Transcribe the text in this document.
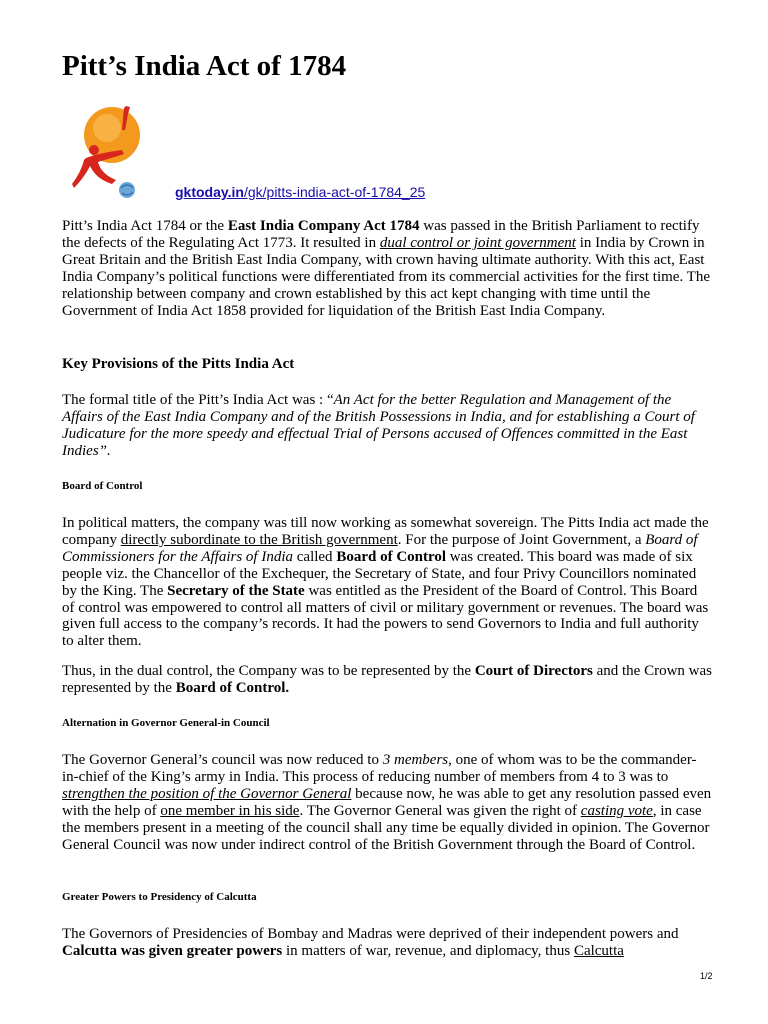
Pitt’s India Act of 1784
gktoday.in/gk/pitts-india-act-of-1784_25
Pitt’s India Act 1784 or the East India Company Act 1784 was passed in the British Parliament to rectify the defects of the Regulating Act 1773. It resulted in dual control or joint government in India by Crown in Great Britain and the British East India Company, with crown having ultimate authority. With this act, East India Company’s political functions were differentiated from its commercial activities for the first time. The relationship between company and crown established by this act kept changing with time until the Government of India Act 1858 provided for liquidation of the British East India Company.
Key Provisions of the Pitts India Act
The formal title of the Pitt’s India Act was : “An Act for the better Regulation and Management of the Affairs of the East India Company and of the British Possessions in India, and for establishing a Court of Judicature for the more speedy and effectual Trial of Persons accused of Offences committed in the East Indies”.
Board of Control
In political matters, the company was till now working as somewhat sovereign. The Pitts India act made the company directly subordinate to the British government. For the purpose of Joint Government, a Board of Commissioners for the Affairs of India called Board of Control was created. This board was made of six people viz. the Chancellor of the Exchequer, the Secretary of State, and four Privy Councillors nominated by the King. The Secretary of the State was entitled as the President of the Board of Control. This Board of control was empowered to control all matters of civil or military government or revenues. The board was given full access to the company’s records. It had the powers to send Governors to India and full authority to alter them.
Thus, in the dual control, the Company was to be represented by the Court of Directors and the Crown was represented by the Board of Control.
Alternation in Governor General-in Council
The Governor General’s council was now reduced to 3 members, one of whom was to be the commander-in-chief of the King’s army in India. This process of reducing number of members from 4 to 3 was to strengthen the position of the Governor General because now, he was able to get any resolution passed even with the help of one member in his side. The Governor General was given the right of casting vote, in case the members present in a meeting of the council shall any time be equally divided in opinion. The Governor General Council was now under indirect control of the British Government through the Board of Control.
Greater Powers to Presidency of Calcutta
The Governors of Presidencies of Bombay and Madras were deprived of their independent powers and Calcutta was given greater powers in matters of war, revenue, and diplomacy, thus Calcutta
1/2
